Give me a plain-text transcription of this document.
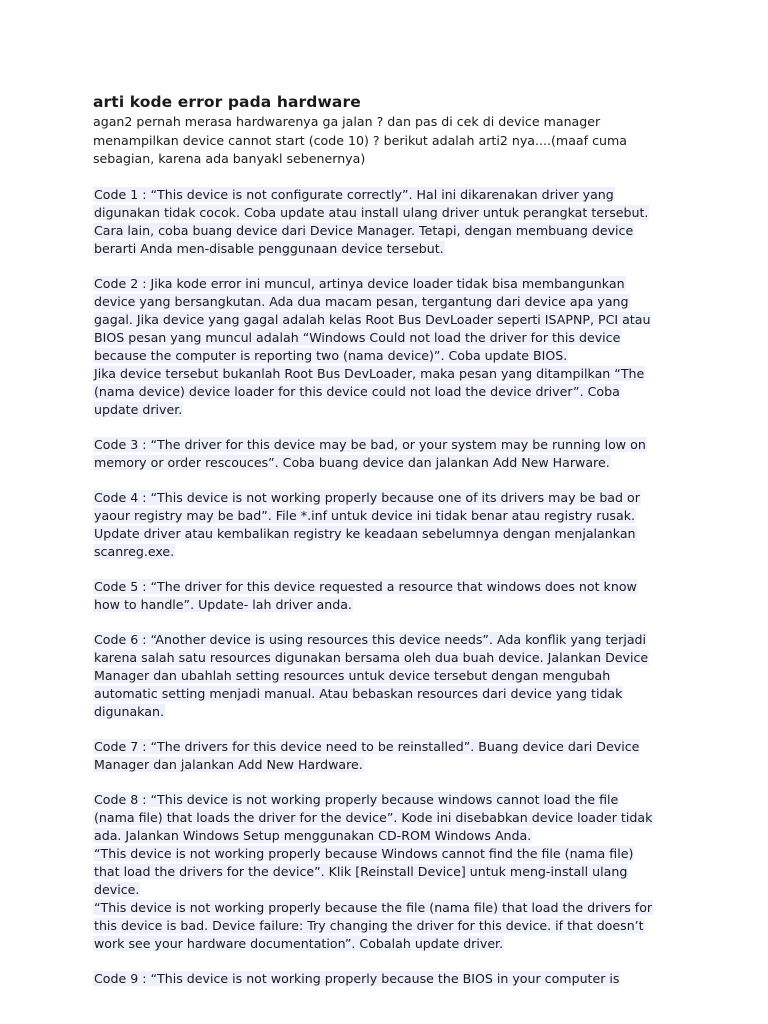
arti kode error pada hardware
agan2 pernah merasa hardwarenya ga jalan ? dan pas di cek di device manager
menampilkan device cannot start (code 10) ? berikut adalah arti2 nya....(maaf cuma
sebagian, karena ada banyakl sebenernya)
Code 1 : “This device is not configurate correctly”. Hal ini dikarenakan driver yang
digunakan tidak cocok. Coba update atau install ulang driver untuk perangkat tersebut.
Cara lain, coba buang device dari Device Manager. Tetapi, dengan membuang device
berarti Anda men-disable penggunaan device tersebut.
Code 2 : Jika kode error ini muncul, artinya device loader tidak bisa membangunkan
device yang bersangkutan. Ada dua macam pesan, tergantung dari device apa yang
gagal. Jika device yang gagal adalah kelas Root Bus DevLoader seperti ISAPNP, PCI atau
BIOS pesan yang muncul adalah “Windows Could not load the driver for this device
because the computer is reporting two (nama device)”. Coba update BIOS.
Jika device tersebut bukanlah Root Bus DevLoader, maka pesan yang ditampilkan “The
(nama device) device loader for this device could not load the device driver”. Coba
update driver.
Code 3 : “The driver for this device may be bad, or your system may be running low on
memory or order rescouces”. Coba buang device dan jalankan Add New Harware.
Code 4 : “This device is not working properly because one of its drivers may be bad or
yaour registry may be bad”. File *.inf untuk device ini tidak benar atau registry rusak.
Update driver atau kembalikan registry ke keadaan sebelumnya dengan menjalankan
scanreg.exe.
Code 5 : “The driver for this device requested a resource that windows does not know
how to handle”. Update- lah driver anda.
Code 6 : “Another device is using resources this device needs”. Ada konflik yang terjadi
karena salah satu resources digunakan bersama oleh dua buah device. Jalankan Device
Manager dan ubahlah setting resources untuk device tersebut dengan mengubah
automatic setting menjadi manual. Atau bebaskan resources dari device yang tidak
digunakan.
Code 7 : “The drivers for this device need to be reinstalled”. Buang device dari Device
Manager dan jalankan Add New Hardware.
Code 8 : “This device is not working properly because windows cannot load the file
(nama file) that loads the driver for the device”. Kode ini disebabkan device loader tidak
ada. Jalankan Windows Setup menggunakan CD-ROM Windows Anda.
“This device is not working properly because Windows cannot find the file (nama file)
that load the drivers for the device”. Klik [Reinstall Device] untuk meng-install ulang
device.
“This device is not working properly because the file (nama file) that load the drivers for
this device is bad. Device failure: Try changing the driver for this device. if that doesn’t
work see your hardware documentation”. Cobalah update driver.
Code 9 : “This device is not working properly because the BIOS in your computer is
